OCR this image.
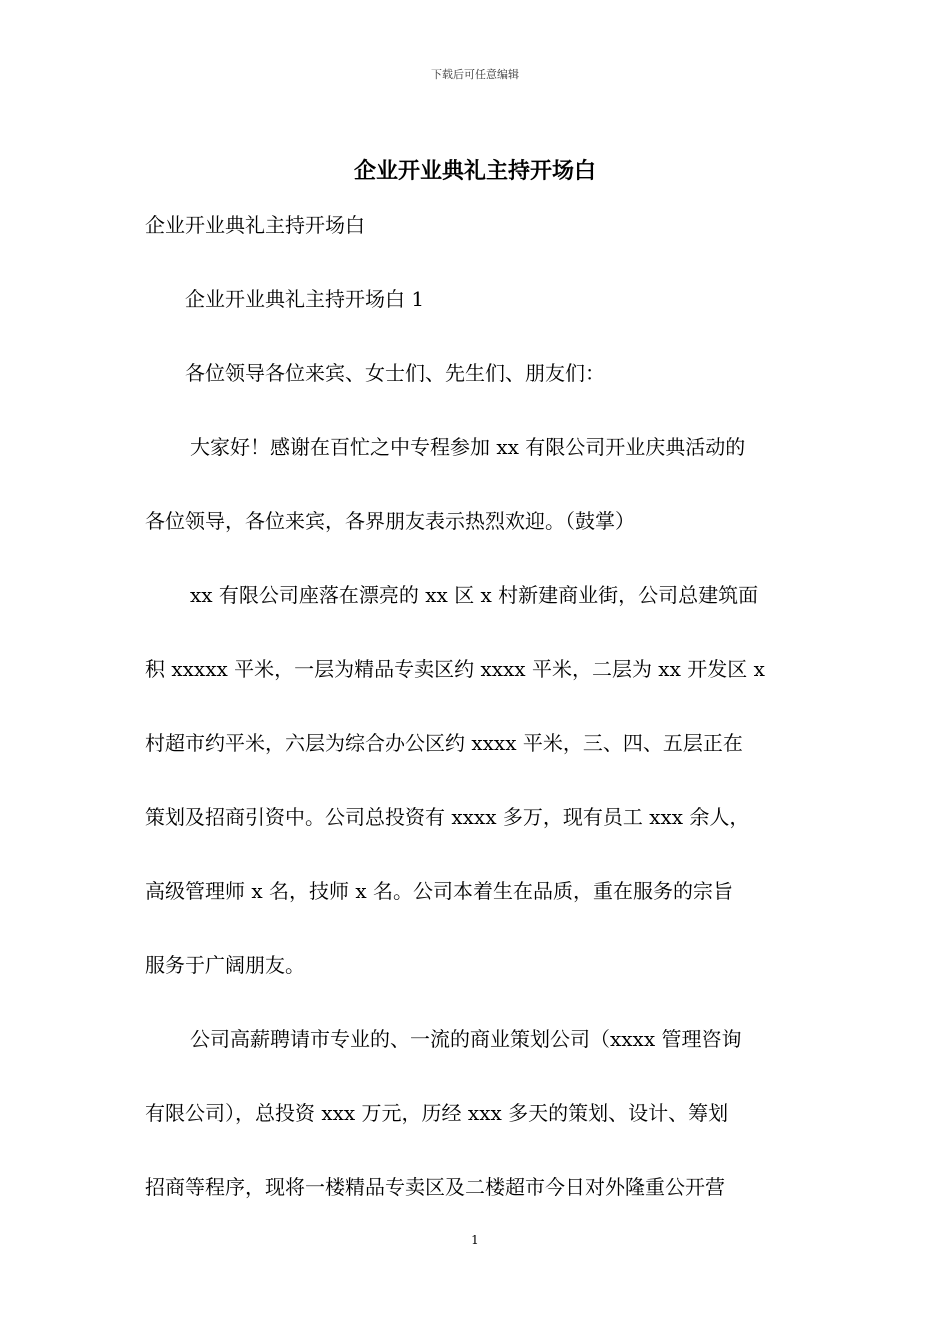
下载后可任意编辑
企业开业典礼主持开场白

企业开业典礼主持开场白

企业开业典礼主持开场白 1

各位领导各位来宾、女士们、先生们、朋友们：

大家好！感谢在百忙之中专程参加 xx 有限公司开业庆典活动的
各位领导，各位来宾，各界朋友表示热烈欢迎。（鼓掌）
xx 有限公司座落在漂亮的 xx 区 x 村新建商业街，公司总建筑面
积 xxxxx 平米，一层为精品专卖区约 xxxx 平米，二层为 xx 开发区 x
村超市约平米，六层为综合办公区约 xxxx 平米，三、四、五层正在
策划及招商引资中。公司总投资有 xxxx 多万，现有员工 xxx 余人，
高级管理师 x 名，技师 x 名。公司本着生在品质，重在服务的宗旨
服务于广阔朋友。
公司高薪聘请市专业的、一流的商业策划公司（xxxx 管理咨询
有限公司），总投资 xxx 万元，历经 xxx 多天的策划、设计、筹划
招商等程序，现将一楼精品专卖区及二楼超市今日对外隆重公开营
1
